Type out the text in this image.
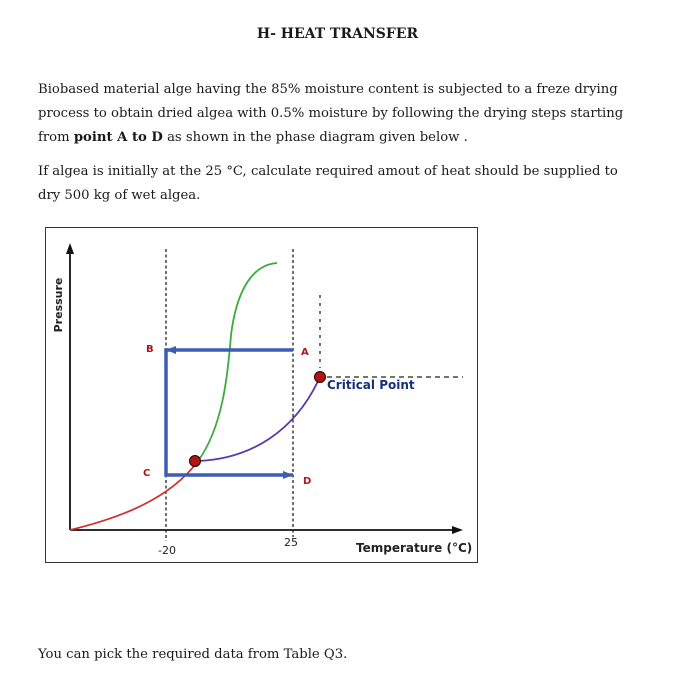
H- HEAT TRANSFER
Biobased material alge having the 85% moisture content is subjected to a freze drying process to obtain dried algea with 0.5% moisture by following the drying steps starting from point A to D as shown in the phase diagram given below .
If algea is initially at the 25 °C, calculate required amout of heat should be supplied to dry 500 kg of wet algea.
Pressure
A
B
C
D
Critical Point
-20
25	Temperature (°C)
You can pick the required data from Table Q3.
